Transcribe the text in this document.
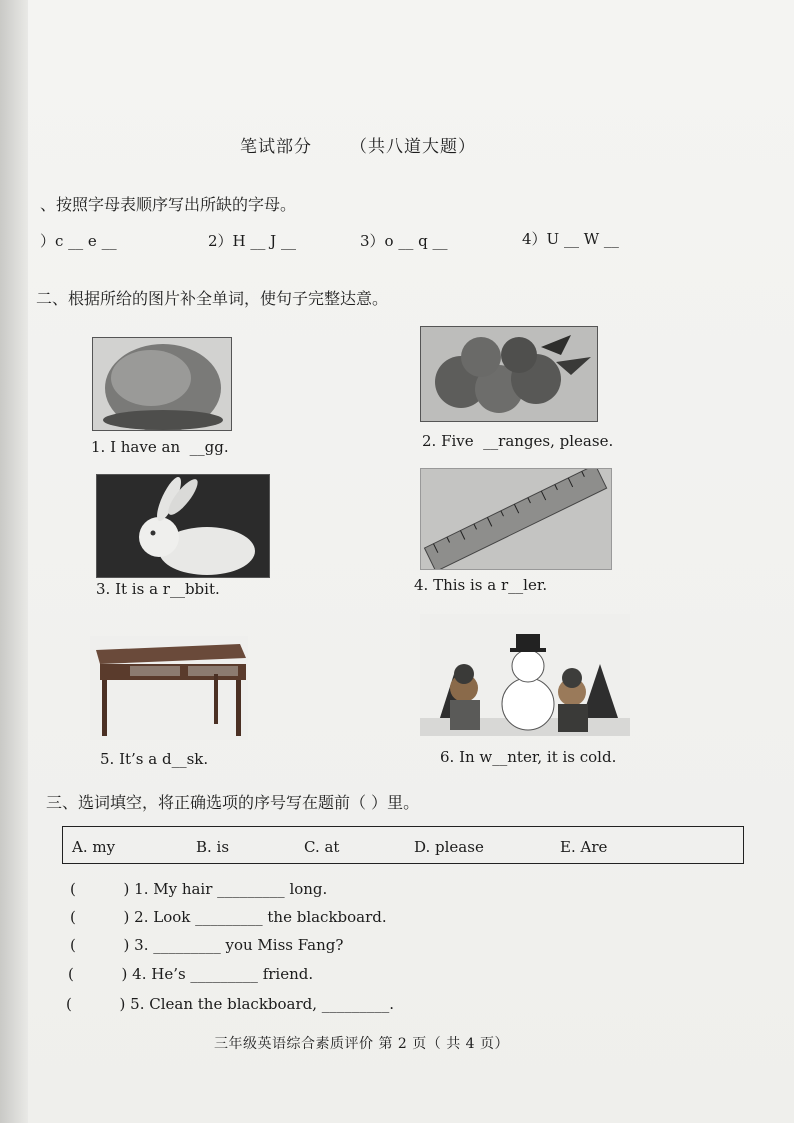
笔试部分 （共八道大题）
、按照字母表顺序写出所缺的字母。
）c __ e __	2）H __ J __	3）o __ q __	4）U __ W __
二、根据所给的图片补全单词，使句子完整达意。
1. I have an  __gg.	2. Five  __ranges, please.
3. It is a r__bbit.	4. This is a r__ler.
5. It’s a d__sk.	6. In w__nter, it is cold.
三、选词填空，将正确选项的序号写在题前（ ）里。
A. my	B. is	C. at	D. please	E. Are
(          ) 1. My hair _________ long.
(          ) 2. Look _________ the blackboard.
(          ) 3. _________ you Miss Fang?
(          ) 4. He’s _________ friend.
(          ) 5. Clean the blackboard, _________.
三年级英语综合素质评价 第 2 页（ 共 4 页）
